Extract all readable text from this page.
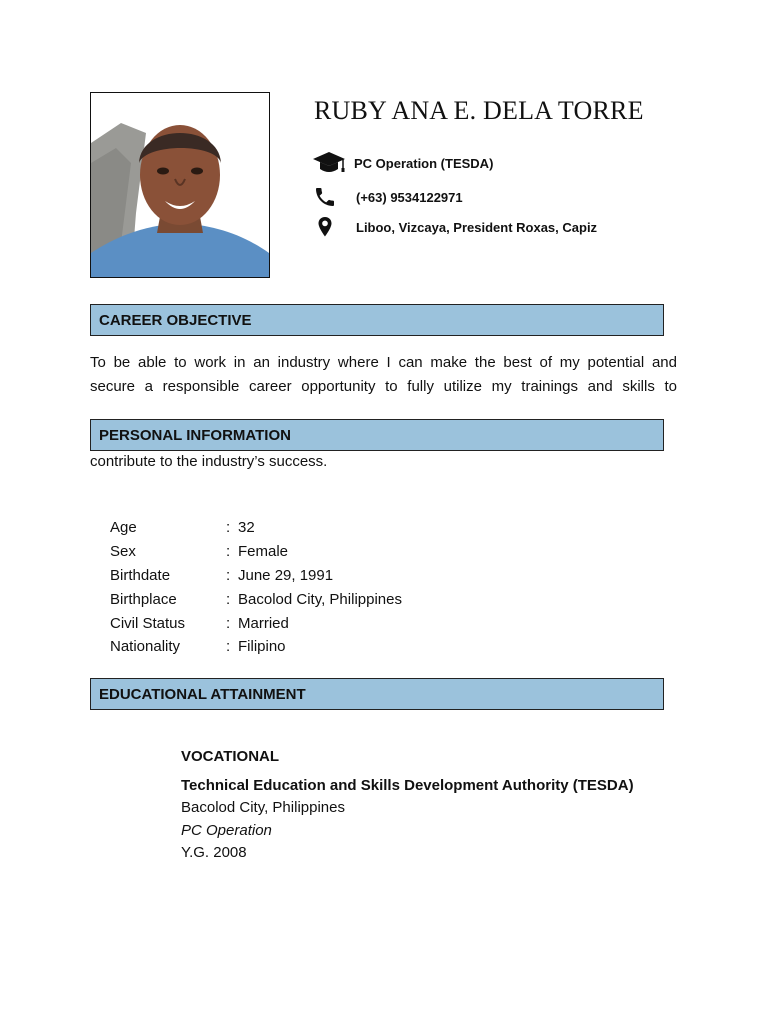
RUBY ANA E. DELA TORRE
PC Operation (TESDA)
(+63) 9534122971
Liboo, Vizcaya, President Roxas, Capiz
CAREER OBJECTIVE
To be able to work in an industry where I can make the best of my potential and
secure a responsible career opportunity to fully utilize my trainings and skills to
PERSONAL INFORMATION
contribute to the industry’s success.
Age	: 32
Sex	: Female
Birthdate	: June 29, 1991
Birthplace	: Bacolod City, Philippines
Civil Status	: Married
Nationality	: Filipino
EDUCATIONAL ATTAINMENT
VOCATIONAL
Technical Education and Skills Development Authority (TESDA)
Bacolod City, Philippines
PC Operation
Y.G. 2008
